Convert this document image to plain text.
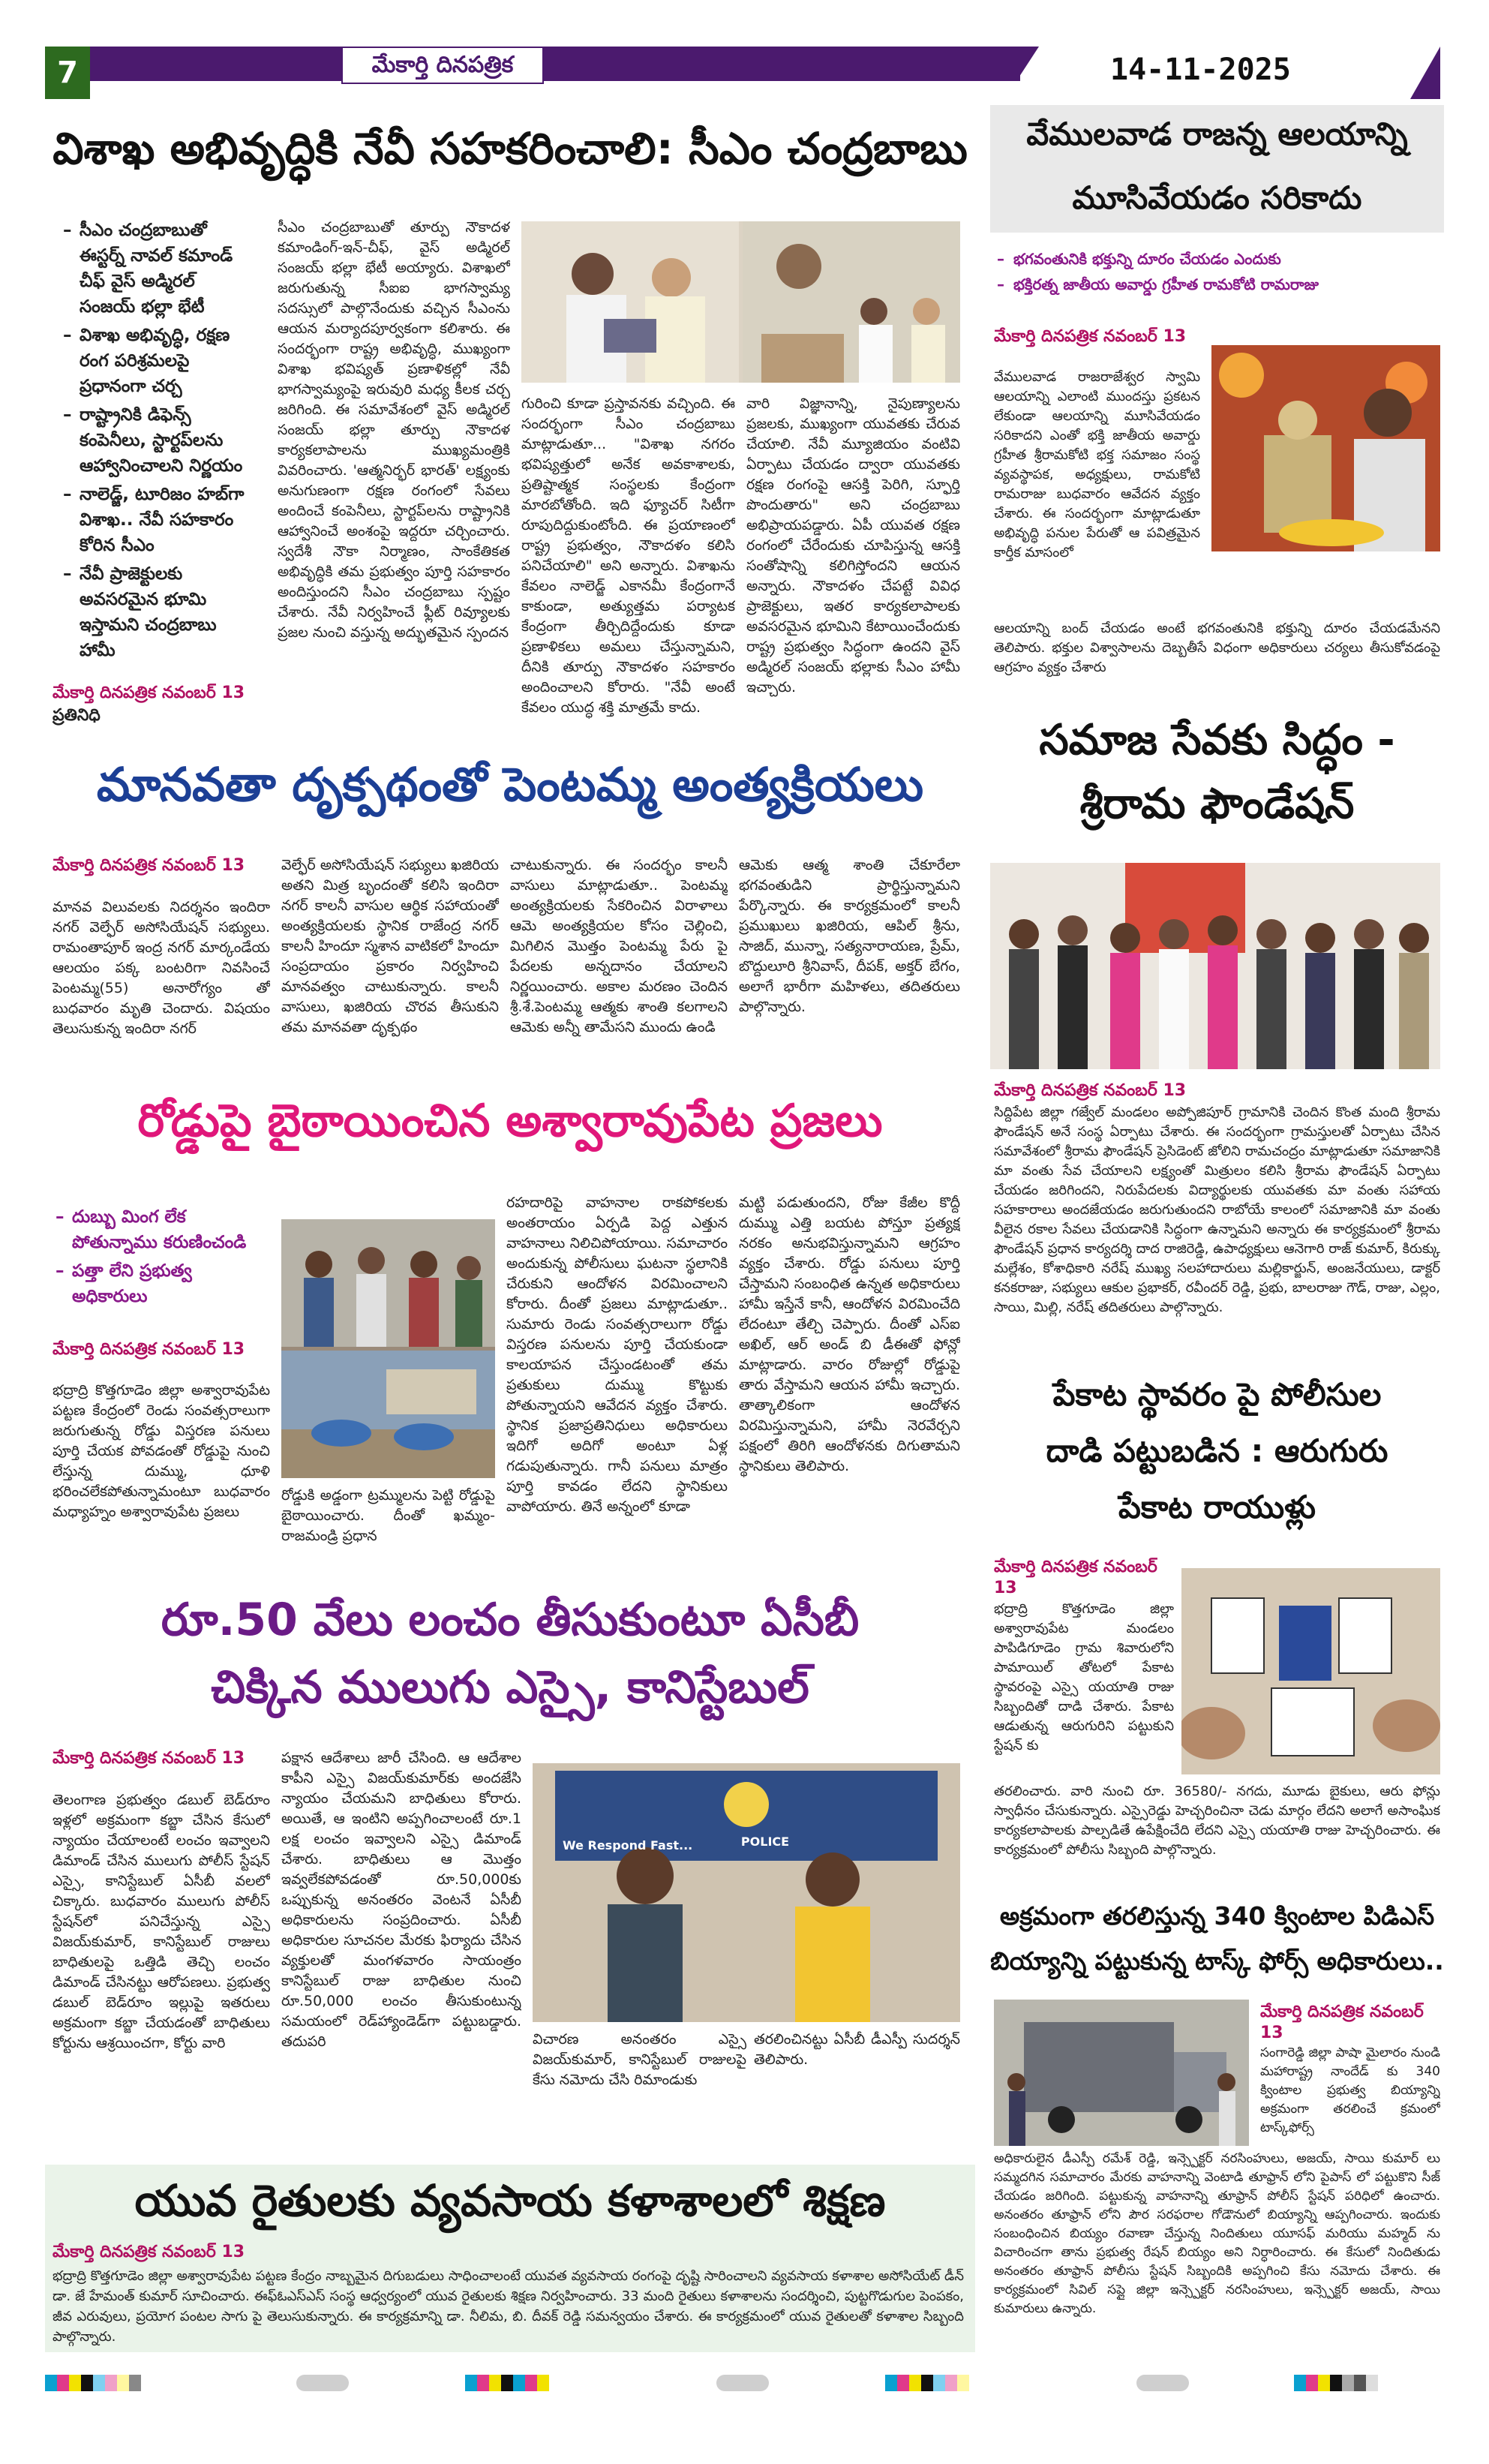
7	మేకార్తి దినపత్రిక	14-11-2025
విశాఖ అభివృద్ధికి నేవీ సహకరించాలి: సీఎం చంద్రబాబు
– సీఎం చంద్రబాబుతో ఈస్టర్న్ నావల్ కమాండ్ చీఫ్ వైస్ అడ్మిరల్ సంజయ్ భల్లా భేటీ
– విశాఖ అభివృద్ధి, రక్షణ రంగ పరిశ్రమలపై ప్రధానంగా చర్చ
– రాష్ట్రానికి డిఫెన్స్ కంపెనీలు, స్టార్టప్‌లను ఆహ్వానించాలని నిర్ణయం
– నాలెడ్జ్, టూరిజం హబ్‌గా విశాఖ.. నేవీ సహకారం కోరిన సీఎం
– నేవీ ప్రాజెక్టులకు అవసరమైన భూమి ఇస్తామని చంద్రబాబు హామీ
మేకార్తి దినపత్రిక నవంబర్ 13
ప్రతినిధి
సీఎం చంద్రబాబుతో తూర్పు నౌకాదళ కమాండింగ్-ఇన్-చీఫ్, వైస్ అడ్మిరల్ సంజయ్ భల్లా భేటీ అయ్యారు. విశాఖలో జరుగుతున్న సీఐఐ భాగస్వామ్య సదస్సులో పాల్గొనేందుకు వచ్చిన సీఎంను ఆయన మర్యాదపూర్వకంగా కలిశారు. ఈ సందర్భంగా రాష్ట్ర అభివృద్ధి, ముఖ్యంగా విశాఖ భవిష్యత్ ప్రణాళికల్లో నేవీ భాగస్వామ్యంపై ఇరువురి మధ్య కీలక చర్చ జరిగింది. ఈ సమావేశంలో వైస్ అడ్మిరల్ సంజయ్ భల్లా తూర్పు నౌకాదళ కార్యకలాపాలను ముఖ్యమంత్రికి వివరించారు. 'ఆత్మనిర్భర్ భారత్' లక్ష్యంకు అనుగుణంగా రక్షణ రంగంలో సేవలు అందించే కంపెనీలు, స్టార్టప్‌లను రాష్ట్రానికి ఆహ్వానించే అంశంపై ఇద్దరూ చర్చించారు. స్వదేశీ నౌకా నిర్మాణం, సాంకేతికత అభివృద్ధికి తమ ప్రభుత్వం పూర్తి సహకారం అందిస్తుందని సీఎం చంద్రబాబు స్పష్టం చేశారు. నేవీ నిర్వహించే ఫ్లీట్ రివ్యూలకు ప్రజల నుంచి వస్తున్న అద్భుతమైన స్పందన
గురించి కూడా ప్రస్తావనకు వచ్చింది. ఈ సందర్భంగా సీఎం చంద్రబాబు మాట్లాడుతూ... "విశాఖ నగరం భవిష్యత్తులో అనేక అవకాశాలకు, ప్రతిష్టాత్మక సంస్థలకు కేంద్రంగా మారబోతోంది. ఇది ఫ్యూచర్ సిటీగా రూపుదిద్దుకుంటోంది. ఈ ప్రయాణంలో రాష్ట్ర ప్రభుత్వం, నౌకాదళం కలిసి పనిచేయాలి" అని అన్నారు. విశాఖను కేవలం నాలెడ్జ్ ఎకానమీ కేంద్రంగానే కాకుండా, అత్యుత్తమ పర్యాటక కేంద్రంగా తీర్చిదిద్దేందుకు కూడా ప్రణాళికలు అమలు చేస్తున్నామని, దీనికి తూర్పు నౌకాదళం సహకారం అందించాలని కోరారు. "నేవీ అంటే కేవలం యుద్ధ శక్తి మాత్రమే కాదు.
వారి విజ్ఞానాన్ని, నైపుణ్యాలను ప్రజలకు, ముఖ్యంగా యువతకు చేరువ చేయాలి. నేవీ మ్యూజియం వంటివి ఏర్పాటు చేయడం ద్వారా యువతకు రక్షణ రంగంపై ఆసక్తి పెరిగి, స్ఫూర్తి పొందుతారు" అని చంద్రబాబు అభిప్రాయపడ్డారు. ఏపీ యువత రక్షణ రంగంలో చేరేందుకు చూపిస్తున్న ఆసక్తి సంతోషాన్ని కలిగిస్తోందని ఆయన అన్నారు. నౌకాదళం చేపట్టే వివిధ ప్రాజెక్టులు, ఇతర కార్యకలాపాలకు అవసరమైన భూమిని కేటాయించేందుకు రాష్ట్ర ప్రభుత్వం సిద్ధంగా ఉందని వైస్ అడ్మిరల్ సంజయ్ భల్లాకు సీఎం హామీ ఇచ్చారు.
మానవతా దృక్పథంతో పెంటమ్మ అంత్యక్రియలు
మేకార్తి దినపత్రిక నవంబర్ 13
మానవ విలువలకు నిదర్శనం ఇందిరా నగర్ వెల్ఫేర్ అసోసియేషన్ సభ్యులు. రామంతాపూర్ ఇంద్ర నగర్ మార్కండేయ ఆలయం పక్క బంటరిగా నివసించే పెంటమ్మ(55) అనారోగ్యం తో బుధవారం మృతి చెందారు. విషయం తెలుసుకున్న ఇందిరా నగర్
వెల్ఫేర్ అసోసియేషన్ సభ్యులు ఖజిరియ అతని మిత్ర బృందంతో కలిసి ఇందిరా నగర్ కాలనీ వాసుల ఆర్థిక సహాయంతో అంత్యక్రియలకు స్థానిక రాజేంద్ర నగర్ కాలనీ హిందూ స్మశాన వాటికలో హిందూ సంప్రదాయం ప్రకారం నిర్వహించి మానవత్వం చాటుకున్నారు. కాలనీ వాసులు, ఖజిరియ చొరవ తీసుకుని తమ మానవతా దృక్పథం
చాటుకున్నారు. ఈ సందర్భం కాలనీ వాసులు మాట్లాడుతూ.. పెంటమ్మ అంత్యక్రియలకు సేకరించిన విరాళాలు ఆమె అంత్యక్రియల కోసం చెల్లించి, మిగిలిన మొత్తం పెంటమ్మ పేరు పై పేదలకు అన్నదానం చేయాలని నిర్ణయించారు. అకాల మరణం చెందిన శ్రీ.శే.పెంటమ్మ ఆత్మకు శాంతి కలగాలని ఆమెకు అన్నీ తామేసని ముందు ఉండి
ఆమెకు ఆత్మ శాంతి చేకూరేలా భగవంతుడిని ప్రార్థిస్తున్నామని పేర్కొన్నారు. ఈ కార్యక్రమంలో కాలనీ ప్రముఖులు ఖజిరియ, ఆపిల్ శ్రీను, సాజిద్, మున్నా, సత్యనారాయణ, ప్రేమ్, బొద్దులూరి శ్రీనివాస్, దీపక్, అక్తర్ బేగం, అలాగే భారీగా మహిళలు, తదితరులు పాల్గొన్నారు.
రోడ్డుపై బైఠాయించిన అశ్వారావుపేట ప్రజలు
– దుబ్బు మింగ లేక పోతున్నాము కరుణించండి
– పత్తా లేని ప్రభుత్వ అధికారులు
మేకార్తి దినపత్రిక నవంబర్ 13
భద్రాద్రి కొత్తగూడెం జిల్లా అశ్వారావుపేట పట్టణ కేంద్రంలో రెండు సంవత్సరాలుగా జరుగుతున్న రోడ్డు విస్తరణ పనులు పూర్తి చేయక పోవడంతో రోడ్డుపై నుంచి లేస్తున్న దుమ్ము, ధూళి భరించలేకపోతున్నామంటూ బుధవారం మధ్యాహ్నం అశ్వారావుపేట ప్రజలు
రోడ్డుకి అడ్డంగా ట్రమ్ములను పెట్టి రోడ్డుపై బైఠాయించారు. దీంతో ఖమ్మం- రాజమండ్రి ప్రధాన
రహదారిపై వాహనాల రాకపోకలకు అంతరాయం ఏర్పడి పెద్ద ఎత్తున వాహనాలు నిలిచిపోయాయి. సమాచారం అందుకున్న పోలీసులు ఘటనా స్థలానికి చేరుకుని ఆందోళన విరమించాలని కోరారు. దీంతో ప్రజలు మాట్లాడుతూ.. సుమారు రెండు సంవత్సరాలుగా రోడ్డు విస్తరణ పనులను పూర్తి చేయకుండా కాలయాపన చేస్తుండటంతో తమ ప్రతుకులు దుమ్ము కొట్టుకు పోతున్నాయని ఆవేదన వ్యక్తం చేశారు. స్థానిక ప్రజాప్రతినిధులు అధికారులు ఇదిగో అదిగో అంటూ ఏళ్ల గడుపుతున్నారు. గానీ పనులు మాత్రం పూర్తి కావడం లేదని స్థానికులు వాపోయారు. తినే అన్నంలో కూడా
మట్టి పడుతుందని, రోజు కేజీల కొద్దీ దుమ్ము ఎత్తి బయట పోస్తూ ప్రత్యక్ష నరకం అనుభవిస్తున్నామని ఆగ్రహం వ్యక్తం చేశారు. రోడ్డు పనులు పూర్తి చేస్తామని సంబంధిత ఉన్నత అధికారులు హామీ ఇస్తేనే కానీ, ఆందోళన విరమించేది లేదంటూ తేల్చి చెప్పారు. దీంతో ఎస్ఐ అఖిల్, ఆర్ అండ్ బి డీఈతో ఫోన్లో మాట్లాడారు. వారం రోజుల్లో రోడ్డుపై తారు వేస్తామని ఆయన హామీ ఇచ్చారు. తాత్కాలికంగా ఆందోళన విరమిస్తున్నామని, హామీ నెరవేర్చని పక్షంలో తిరిగి ఆందోళనకు దిగుతామని స్థానికులు తెలిపారు.
రూ.50 వేలు లంచం తీసుకుంటూ ఏసీబీ
చిక్కిన ములుగు ఎస్సై, కానిస్టేబుల్
మేకార్తి దినపత్రిక నవంబర్ 13
తెలంగాణ ప్రభుత్వం డబుల్ బెడ్‌రూం ఇళ్లలో అక్రమంగా కబ్జా చేసిన కేసులో న్యాయం చేయాలంటే లంచం ఇవ్వాలని డిమాండ్ చేసిన ములుగు పోలీస్ స్టేషన్ ఎస్సై, కానిస్టేబుల్ ఏసీబీ వలలో చిక్కారు. బుధవారం ములుగు పోలీస్ స్టేషన్‌లో పనిచేస్తున్న ఎస్సై విజయ్‌కుమార్, కానిస్టేబుల్ రాజులు బాధితులపై ఒత్తిడి తెచ్చి లంచం డిమాండ్ చేసినట్టు ఆరోపణలు. ప్రభుత్వ డబుల్ బెడ్‌రూం ఇల్లుపై ఇతరులు అక్రమంగా కబ్జా చేయడంతో బాధితులు కోర్టును ఆశ్రయించగా, కోర్టు వారి
పక్షాన ఆదేశాలు జారీ చేసింది. ఆ ఆదేశాల కాపీని ఎస్సై విజయ్‌కుమార్‌కు అందజేసి న్యాయం చేయమని బాధితులు కోరారు. అయితే, ఆ ఇంటిని అప్పగించాలంటే రూ.1 లక్ష లంచం ఇవ్వాలని ఎస్సై డిమాండ్ చేశారు. బాధితులు ఆ మొత్తం ఇవ్వలేకపోవడంతో రూ.50,000కు ఒప్పుకున్న అనంతరం వెంటనే ఏసీబీ అధికారులను సంప్రదించారు. ఏసీబీ అధికారుల సూచనల మేరకు ఫిర్యాదు చేసిన వ్యక్తులతో మంగళవారం సాయంత్రం కానిస్టేబుల్ రాజు బాధితుల నుంచి రూ.50,000 లంచం తీసుకుంటున్న సమయంలో రెడ్‌హ్యాండెడ్‌గా పట్టుబడ్డారు. తదుపరి
We Respond Fast...	POLICE
విచారణ అనంతరం ఎస్సై విజయ్‌కుమార్, కానిస్టేబుల్ రాజులపై కేసు నమోదు చేసి రిమాండుకు
తరలించినట్టు ఏసీబీ డీఎస్పీ సుదర్శన్ తెలిపారు.
యువ రైతులకు వ్యవసాయ కళాశాలలో శిక్షణ
మేకార్తి దినపత్రిక నవంబర్ 13
భద్రాద్రి కొత్తగూడెం జిల్లా అశ్వారావుపేట పట్టణ కేంద్రం నాబ్బమైన దిగుబడులు సాధించాలంటే యువత వ్యవసాయ రంగంపై దృష్టి సారించాలని వ్యవసాయ కళాశాల అసోసియేట్ డీన్ డా. జే హేమంత్ కుమార్ సూచించారు. ఈఫ్‌ఓఎస్‌ఎస్ సంస్థ ఆధ్వర్యంలో యువ రైతులకు శిక్షణ నిర్వహించారు. 33 మంది రైతులు కళాశాలను సందర్శించి, పుట్టగొడుగుల పెంపకం, జీవ ఎరువులు, ప్రయోగ పంటల సాగు పై తెలుసుకున్నారు. ఈ కార్యక్రమాన్ని డా. నీలిమ, బి. దీవక్ రెడ్డి సమన్వయం చేశారు. ఈ కార్యక్రమంలో యువ రైతులతో కళాశాల సిబ్బంది పాల్గొన్నారు.
వేములవాడ రాజన్న ఆలయాన్ని
మూసివేయడం సరికాదు
– భగవంతునికి భక్తున్ని దూరం చేయడం ఎందుకు
– భక్తిరత్న జాతీయ అవార్డు గ్రహీత రామకోటి రామరాజు
మేకార్తి దినపత్రిక నవంబర్ 13
వేములవాడ రాజరాజేశ్వర స్వామి ఆలయాన్ని ఎలాంటి ముందస్తు ప్రకటన లేకుండా ఆలయాన్ని మూసివేయడం సరికాదని ఎంతో భక్తి జాతీయ అవార్డు గ్రహీత శ్రీరామకోటి భక్త సమాజం సంస్థ వ్యవస్థాపక, అధ్యక్షులు, రామకోటి రామరాజు బుధవారం ఆవేదన వ్యక్తం చేశారు. ఈ సందర్భంగా మాట్లాడుతూ అభివృద్ధి పనుల పేరుతో ఆ పవిత్రమైన కార్తీక మాసంలో
ఆలయాన్ని బంద్ చేయడం అంటే భగవంతునికి భక్తున్ని దూరం చేయడమేనని తెలిపారు. భక్తుల విశ్వాసాలను దెబ్బతీసే విధంగా అధికారులు చర్యలు తీసుకోవడంపై ఆగ్రహం వ్యక్తం చేశారు
సమాజ సేవకు సిద్ధం -
శ్రీరామ ఫౌండేషన్
మేకార్తి దినపత్రిక నవంబర్ 13
సిద్దిపేట జిల్లా గజ్వేల్ మండలం అప్పోజిపూర్ గ్రామానికి చెందిన కొంత మంది శ్రీరామ ఫౌండేషన్ అనే సంస్థ ఏర్పాటు చేశారు. ఈ సందర్భంగా గ్రామస్తులతో ఏర్పాటు చేసిన సమావేశంలో శ్రీరామ ఫౌండేషన్ ప్రెసిడెంట్ జోలిని రామచంద్రం మాట్లాడుతూ సమాజానికి మా వంతు సేవ చేయాలని లక్ష్యంతో మిత్రులం కలిసి శ్రీరామ ఫౌండేషన్ ఏర్పాటు చేయడం జరిగిందని, నిరుపేదలకు విద్యార్థులకు యువతకు మా వంతు సహాయ సహకారాలు అందజేయడం జరుగుతుందని రాబోయే కాలంలో సమాజానికి మా వంతు వీలైన రకాల సేవలు చేయడానికి సిద్ధంగా ఉన్నామని అన్నారు ఈ కార్యక్రమంలో శ్రీరామ ఫౌండేషన్ ప్రధాన కార్యదర్శి దాద రాజిరెడ్డి, ఉపాధ్యక్షులు ఆనెగారి రాజ్ కుమార్, కిరుక్కు మల్లేశం, కోశాధికారి నరేష్ ముఖ్య సలహాదారులు మల్లికార్జున్, అంజనేయులు, డాక్టర్ కనకరాజు, సభ్యులు ఆకుల ప్రభాకర్, రవీందర్ రెడ్డి, ప్రభు, బాలరాజు గౌడ్, రాజు, ఎల్లం, సాయి, మిల్లి, నరేష్ తదితరులు పాల్గొన్నారు.
పేకాట స్థావరం పై పోలీసుల
దాడి పట్టుబడిన : ఆరుగురు
పేకాట రాయుళ్లు
మేకార్తి దినపత్రిక నవంబర్ 13
భద్రాద్రి కొత్తగూడెం జిల్లా అశ్వారావుపేట మండలం పాపిడిగూడెం గ్రామ శివారులోని పామాయిల్ తోటలో పేకాట స్థావరంపై ఎస్సై యయాతి రాజు సిబ్బందితో దాడి చేశారు. పేకాట ఆడుతున్న ఆరుగురిని పట్టుకుని స్టేషన్ కు
తరలించారు. వారి నుంచి రూ. 36580/- నగదు, మూడు బైకులు, ఆరు ఫోన్లు స్వాధీనం చేసుకున్నారు. ఎస్సైరెడ్డు హెచ్చరించినా చెడు మార్గం లేదని అలాగే అసాంఘిక కార్యకలాపాలకు పాల్పడితే ఉపేక్షించేది లేదని ఎస్సై యయాతి రాజు హెచ్చరించారు. ఈ కార్యక్రమంలో పోలీసు సిబ్బంది పాల్గొన్నారు.
అక్రమంగా తరలిస్తున్న 340 క్వింటాల పిడిఎస్
బియ్యాన్ని పట్టుకున్న టాస్క్ ఫోర్స్ అధికారులు..
మేకార్తి దినపత్రిక నవంబర్ 13
సంగారెడ్డి జిల్లా పాషా మైలారం నుండి మహారాష్ట్ర నాందేడ్ కు 340 క్వింటాల ప్రభుత్వ బియ్యాన్ని అక్రమంగా తరలించే క్రమంలో టాస్క్‌ఫోర్స్
అధికారులైన డీఎస్పీ రమేశ్ రెడ్డి, ఇన్స్పెక్టర్ నరసింహులు, అజయ్, సాయి కుమార్ లు సమ్మదగిన సమాచారం మేరకు వాహనాన్ని వెంటాడి తూఫ్రాన్ లోని పైపాస్ లో పట్టుకొని సీజ్ చేయడం జరిగింది. పట్టుకున్న వాహనాన్ని తూఫ్రాన్ పోలీస్ స్టేషన్ పరిధిలో ఉంచారు. అనంతరం తూఫ్రాన్ లోని పౌర సరఫరాల గోడౌనులో బియ్యాన్ని ఆప్పగించారు. ఇందుకు సంబంధించిన బియ్యం రవాణా చేస్తున్న నిందితులు యూసఫ్ మరియు మహ్మద్ ను విచారించగా తాను ప్రభుత్వ రేషన్ బియ్యం అని నిర్ధారించారు. ఈ కేసులో నిందితుడు అనంతరం తూఫ్రాన్ పోలీసు స్టేషన్ సిబ్బందికి అప్పగించి కేసు నమోదు చేశారు. ఈ కార్యక్రమంలో సివిల్ సప్లై జిల్లా ఇన్స్పెక్టర్ నరసింహులు, ఇన్స్పెక్టర్ అజయ్, సాయి కుమారులు ఉన్నారు.
